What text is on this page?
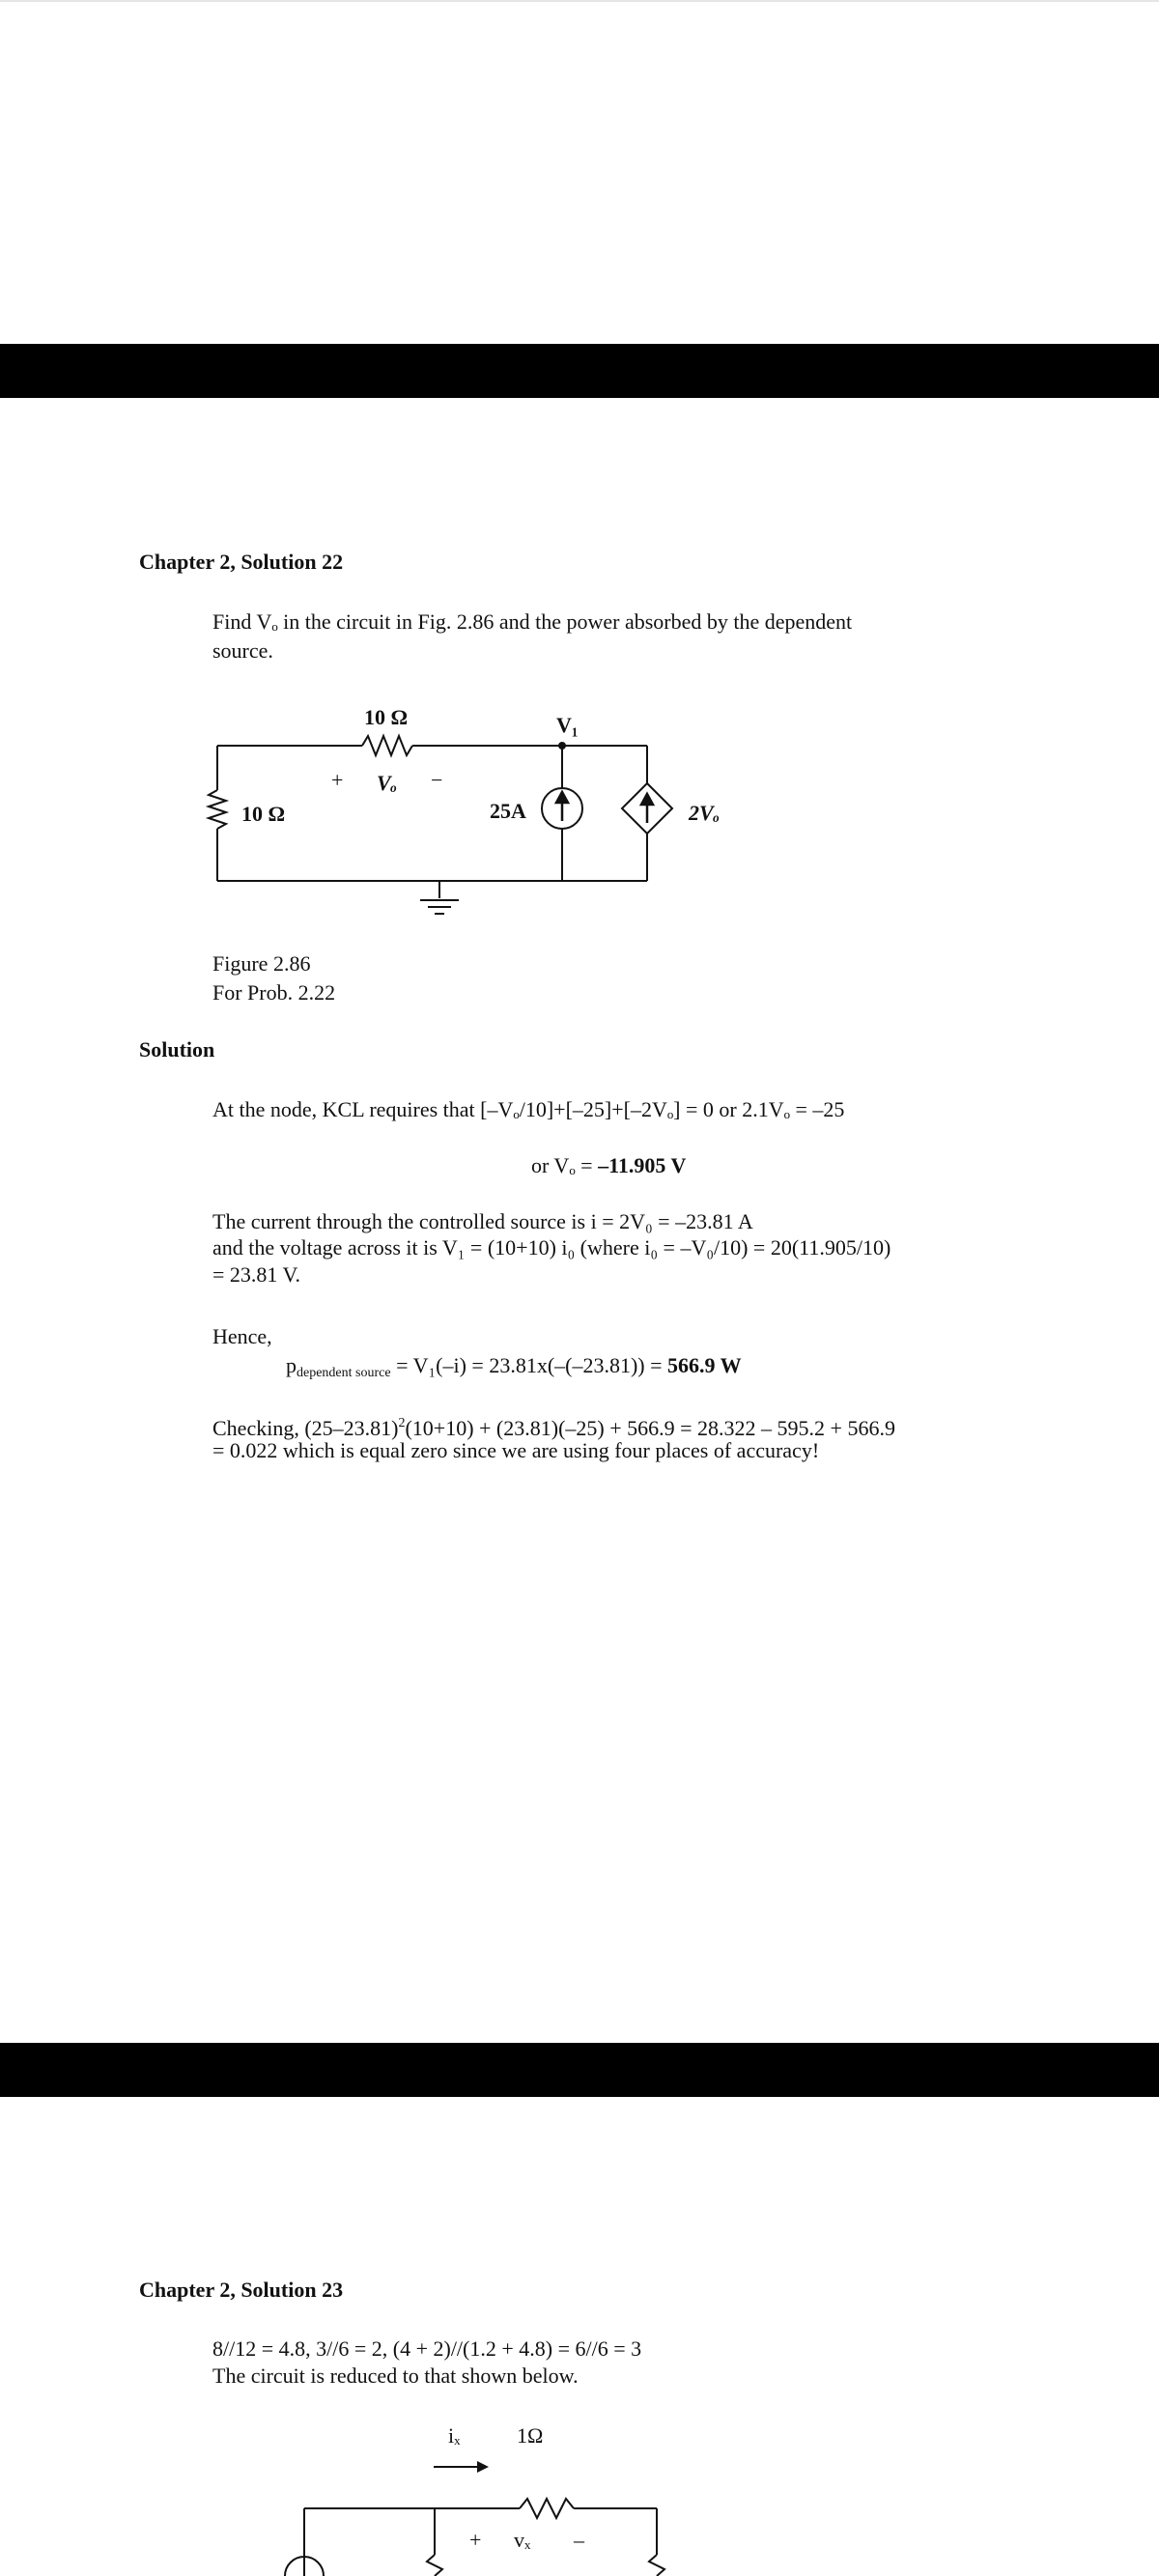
Chapter 2, Solution 22
Find Vₒ in the circuit in Fig. 2.86 and the power absorbed by the dependent
source.
10 Ω
10 Ω
V₁
+ Vₒ −
25A	2Vₒ
Figure 2.86
For Prob. 2.22
Solution
At the node, KCL requires that [–Vₒ/10]+[–25]+[–2Vₒ] = 0 or 2.1Vₒ = –25
or Vₒ = –11.905 V
The current through the controlled source is i = 2V₀ = –23.81 A
and the voltage across it is V₁ = (10+10) i₀ (where i₀ = –V₀/10) = 20(11.905/10)
= 23.81 V.
Hence,
$p_{dependent source} = V_1(-i) = 23.81x(-(-23.81)) = 566.9$ W
Checking, $(25-23.81)^2(10+10) + (23.81)(-25) + 566.9 = 28.322 - 595.2 + 566.9$
= 0.022 which is equal zero since we are using four places of accuracy!
Chapter 2, Solution 23
8//12 = 4.8, 3//6 = 2, (4 + 2)//(1.2 + 4.8) = 6//6 = 3
The circuit is reduced to that shown below.
iₓ	1Ω
+ vₓ –
